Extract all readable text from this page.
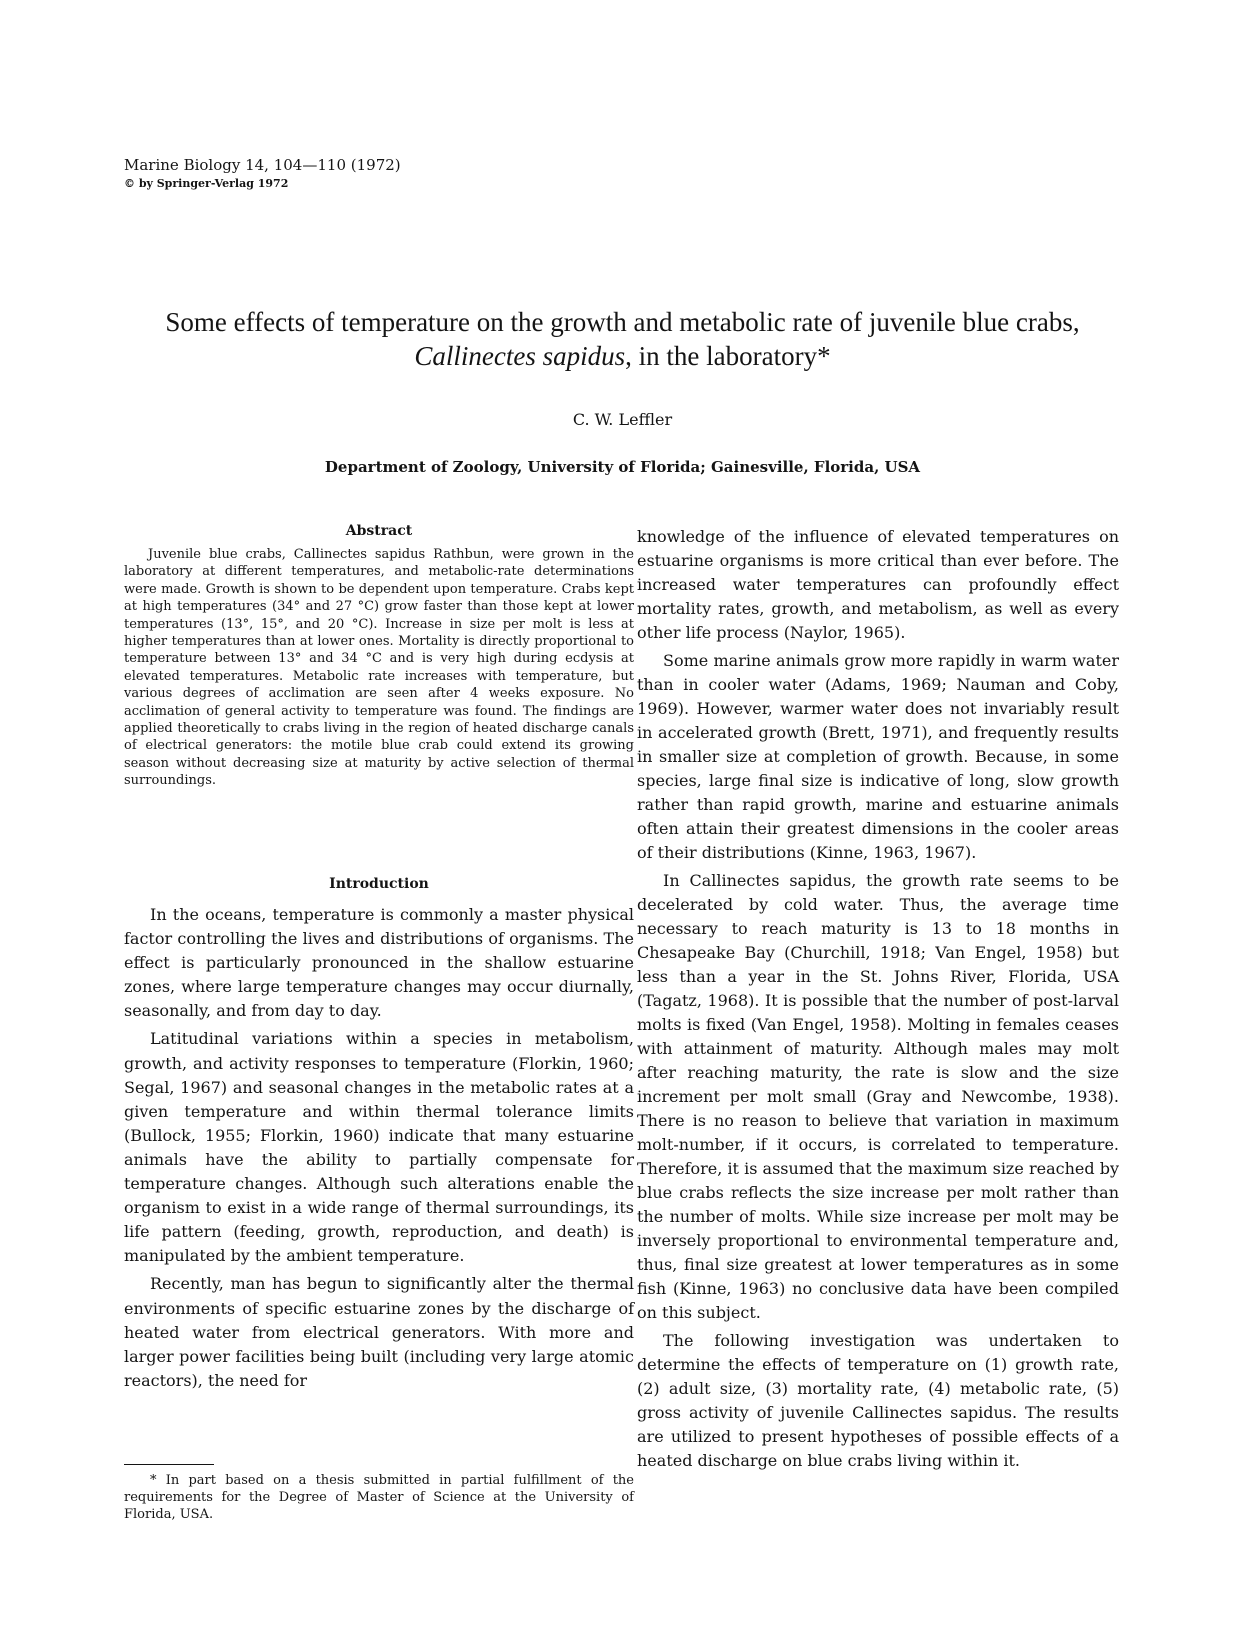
Marine Biology 14, 104—110 (1972)
© by Springer-Verlag 1972
Some effects of temperature on the growth and metabolic rate of juvenile blue crabs,
Callinectes sapidus, in the laboratory*
C. W. Leffler
Department of Zoology, University of Florida; Gainesville, Florida, USA
Abstract
Juvenile blue crabs, Callinectes sapidus Rathbun, were grown in the laboratory at different temperatures, and metabolic-rate determinations were made. Growth is shown to be dependent upon temperature. Crabs kept at high temperatures (34° and 27 °C) grow faster than those kept at lower temperatures (13°, 15°, and 20 °C). Increase in size per molt is less at higher temperatures than at lower ones. Mortality is directly proportional to temperature between 13° and 34 °C and is very high during ecdysis at elevated temperatures. Metabolic rate increases with temperature, but various degrees of acclimation are seen after 4 weeks exposure. No acclimation of general activity to temperature was found. The findings are applied theoretically to crabs living in the region of heated discharge canals of electrical generators: the motile blue crab could extend its growing season without decreasing size at maturity by active selection of thermal surroundings.
Introduction

In the oceans, temperature is commonly a master physical factor controlling the lives and distributions of organisms. The effect is particularly pronounced in the shallow estuarine zones, where large temperature changes may occur diurnally, seasonally, and from day to day.

Latitudinal variations within a species in metabolism, growth, and activity responses to temperature (Florkin, 1960; Segal, 1967) and seasonal changes in the metabolic rates at a given temperature and within thermal tolerance limits (Bullock, 1955; Florkin, 1960) indicate that many estuarine animals have the ability to partially compensate for temperature changes. Although such alterations enable the organism to exist in a wide range of thermal surroundings, its life pattern (feeding, growth, reproduction, and death) is manipulated by the ambient temperature.

Recently, man has begun to significantly alter the thermal environments of specific estuarine zones by the discharge of heated water from electrical generators. With more and larger power facilities being built (including very large atomic reactors), the need for

knowledge of the influence of elevated temperatures on estuarine organisms is more critical than ever before. The increased water temperatures can profoundly effect mortality rates, growth, and metabolism, as well as every other life process (Naylor, 1965).

Some marine animals grow more rapidly in warm water than in cooler water (Adams, 1969; Nauman and Coby, 1969). However, warmer water does not invariably result in accelerated growth (Brett, 1971), and frequently results in smaller size at completion of growth. Because, in some species, large final size is indicative of long, slow growth rather than rapid growth, marine and estuarine animals often attain their greatest dimensions in the cooler areas of their distributions (Kinne, 1963, 1967).

In Callinectes sapidus, the growth rate seems to be decelerated by cold water. Thus, the average time necessary to reach maturity is 13 to 18 months in Chesapeake Bay (Churchill, 1918; Van Engel, 1958) but less than a year in the St. Johns River, Florida, USA (Tagatz, 1968). It is possible that the number of post-larval molts is fixed (Van Engel, 1958). Molting in females ceases with attainment of maturity. Although males may molt after reaching maturity, the rate is slow and the size increment per molt small (Gray and Newcombe, 1938). There is no reason to believe that variation in maximum molt-number, if it occurs, is correlated to temperature. Therefore, it is assumed that the maximum size reached by blue crabs reflects the size increase per molt rather than the number of molts. While size increase per molt may be inversely proportional to environmental temperature and, thus, final size greatest at lower temperatures as in some fish (Kinne, 1963) no conclusive data have been compiled on this subject.

The following investigation was undertaken to determine the effects of temperature on (1) growth rate, (2) adult size, (3) mortality rate, (4) metabolic rate, (5) gross activity of juvenile Callinectes sapidus. The results are utilized to present hypotheses of possible effects of a heated discharge on blue crabs living within it.

* In part based on a thesis submitted in partial fulfillment of the requirements for the Degree of Master of Science at the University of Florida, USA.
